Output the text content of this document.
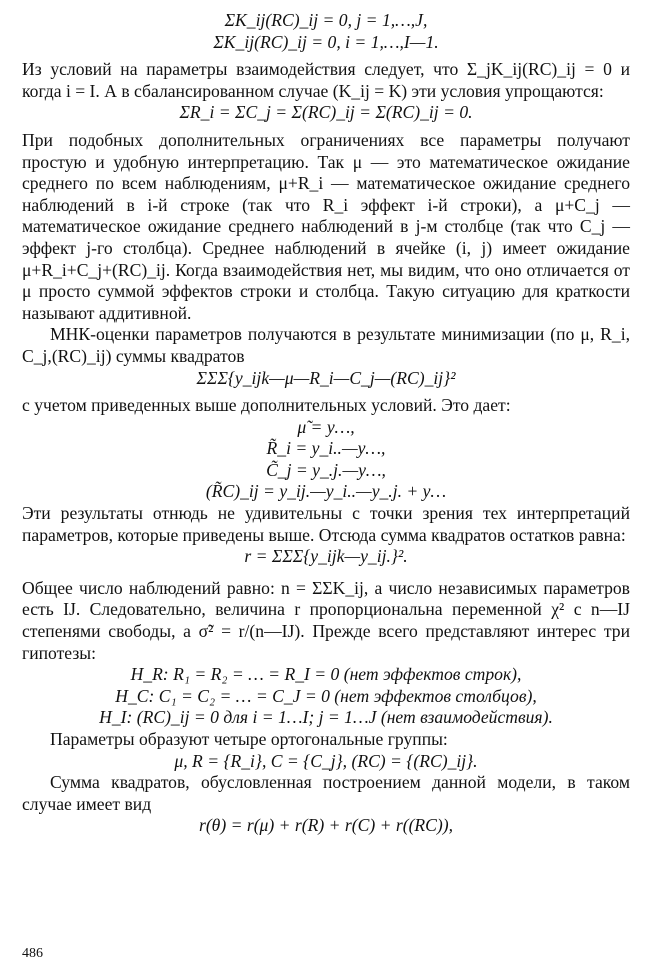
ΣK_ij(RC)_ij = 0, j = 1,…,J,
ΣK_ij(RC)_ij = 0, i = 1,…,I—1.

Из условий на параметры взаимодействия следует, что Σ_jK_ij(RC)_ij = 0 и когда i = I. А в сбалансированном случае (K_ij = K) эти условия упрощаются:

ΣR_i = ΣC_j = Σ(RC)_ij = Σ(RC)_ij = 0.

При подобных дополнительных ограничениях все параметры получают простую и удобную интерпретацию. Так μ — это математическое ожидание среднего по всем наблюдениям, μ+R_i — математическое ожидание среднего наблюдений в i-й строке (так что R_i эффект i-й строки), а μ+C_j — математическое ожидание среднего наблюдений в j-м столбце (так что C_j — эффект j-го столбца). Среднее наблюдений в ячейке (i, j) имеет ожидание μ+R_i+C_j+(RC)_ij. Когда взаимодействия нет, мы видим, что оно отличается от μ просто суммой эффектов строки и столбца. Такую ситуацию для краткости называют аддитивной.

МНК-оценки параметров получаются в результате минимизации (по μ, R_i, C_j,(RC)_ij) суммы квадратов

ΣΣΣ{y_ijk—μ—R_i—C_j—(RC)_ij}²

с учетом приведенных выше дополнительных условий. Это дает:

μ̃ = y…,
R̃_i = y_i..—y…,
C̃_j = y_.j.—y…,
(R̃C)_ij = y_ij.—y_i..—y_.j. + y…

Эти результаты отнюдь не удивительны с точки зрения тех интерпретаций параметров, которые приведены выше. Отсюда сумма квадратов остатков равна:

r = ΣΣΣ{y_ijk—y_ij.}².

Общее число наблюдений равно: n = ΣΣK_ij, а число независимых параметров есть IJ. Следовательно, величина r пропорциональна переменной χ² с n—IJ степенями свободы, а σ̃² = r/(n—IJ). Прежде всего представляют интерес три гипотезы:

H_R: R₁ = R₂ = … = R_I = 0 (нет эффектов строк),
H_C: C₁ = C₂ = … = C_J = 0 (нет эффектов столбцов),
H_I: (RC)_ij = 0 для i = 1…I; j = 1…J (нет взаимодействия).

Параметры образуют четыре ортогональные группы:

μ, R = {R_i}, C = {C_j}, (RC) = {(RC)_ij}.

Сумма квадратов, обусловленная построением данной модели, в таком случае имеет вид

r(θ) = r(μ) + r(R) + r(C) + r((RC)),
486
